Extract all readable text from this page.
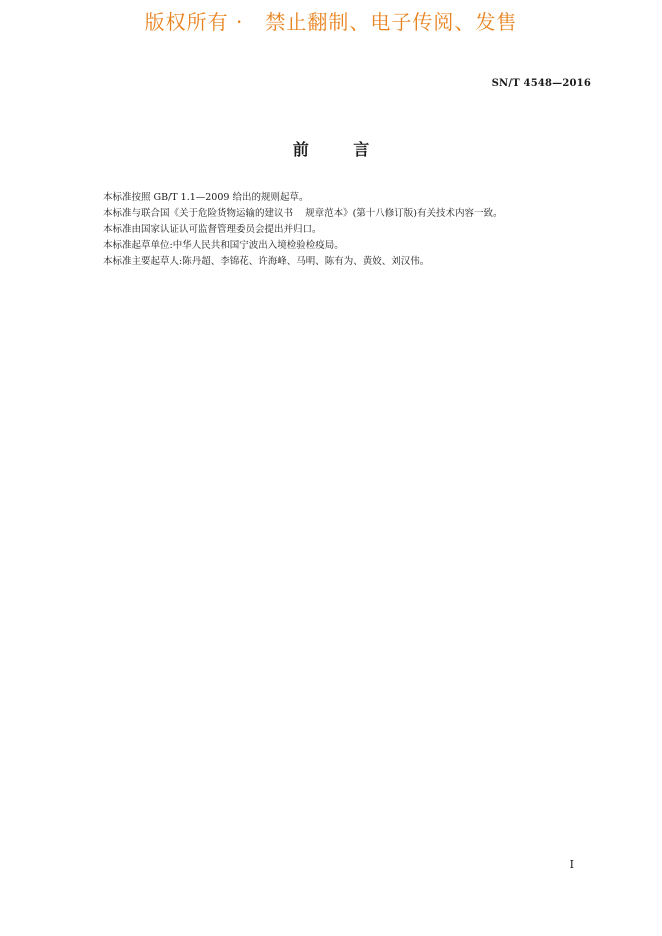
版权所有 ·   禁止翻制、电子传阅、发售
SN/T 4548—2016
前        言
本标准按照 GB/T 1.1—2009 给出的规则起草。
本标准与联合国《关于危险货物运输的建议书    规章范本》(第十八修订版)有关技术内容一致。
本标准由国家认证认可监督管理委员会提出并归口。
本标准起草单位:中华人民共和国宁波出入境检验检疫局。
本标准主要起草人:陈丹超、李锦花、许海峰、马明、陈有为、黄姣、刘汉伟。
I
